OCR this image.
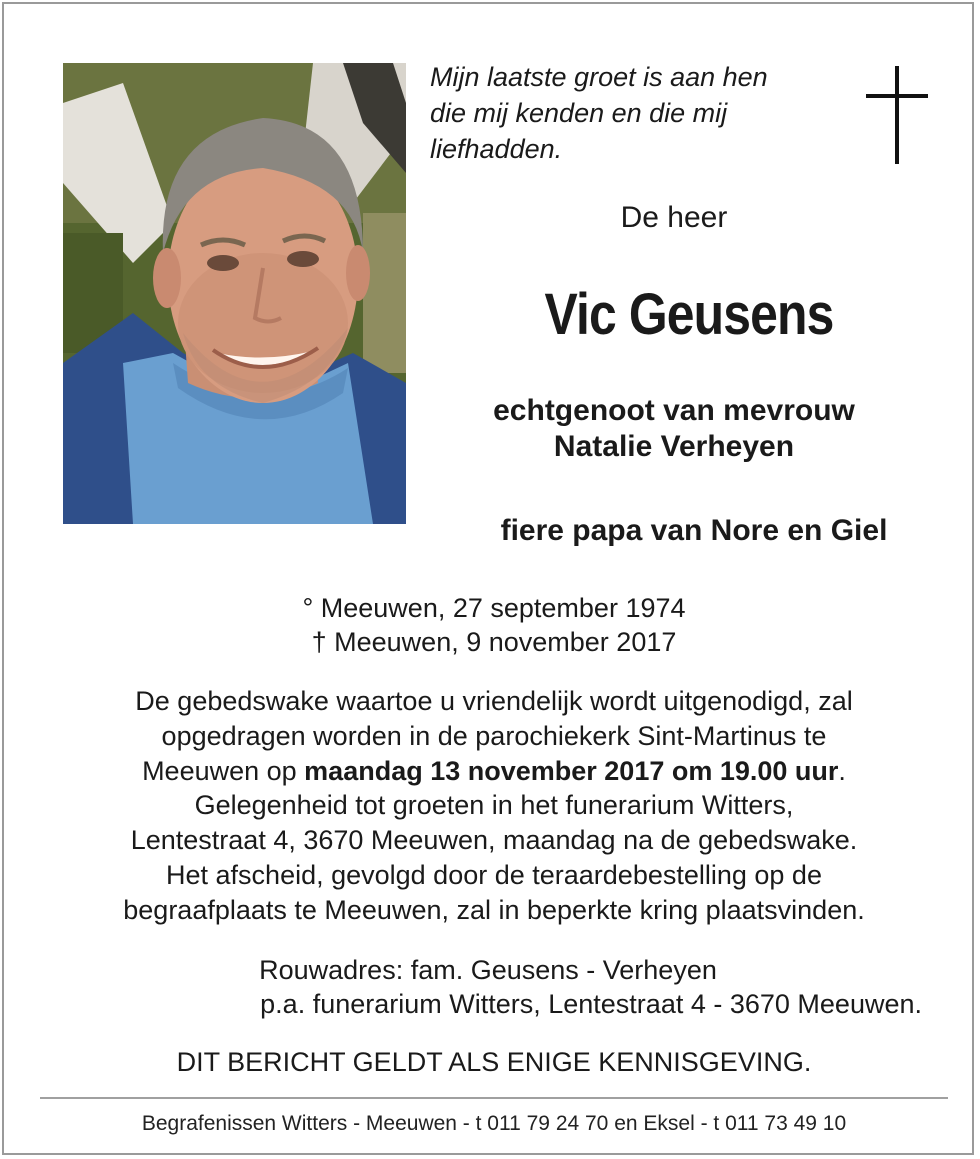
Mijn laatste groet is aan hen
die mij kenden en die mij
liefhadden.
De heer
Vic Geusens
echtgenoot van mevrouw
Natalie Verheyen
fiere papa van Nore en Giel
° Meeuwen, 27 september 1974
† Meeuwen, 9 november 2017
De gebedswake waartoe u vriendelijk wordt uitgenodigd, zal
opgedragen worden in de parochiekerk Sint-Martinus te
Meeuwen op maandag 13 november 2017 om 19.00 uur.
Gelegenheid tot groeten in het funerarium Witters,
Lentestraat 4, 3670 Meeuwen, maandag na de gebedswake.
Het afscheid, gevolgd door de teraardebestelling op de
begraafplaats te Meeuwen, zal in beperkte kring plaatsvinden.
Rouwadres: fam. Geusens - Verheyen
p.a. funerarium Witters, Lentestraat 4 - 3670 Meeuwen.
DIT BERICHT GELDT ALS ENIGE KENNISGEVING.
Begrafenissen Witters - Meeuwen - t 011 79 24 70 en Eksel - t 011 73 49 10
